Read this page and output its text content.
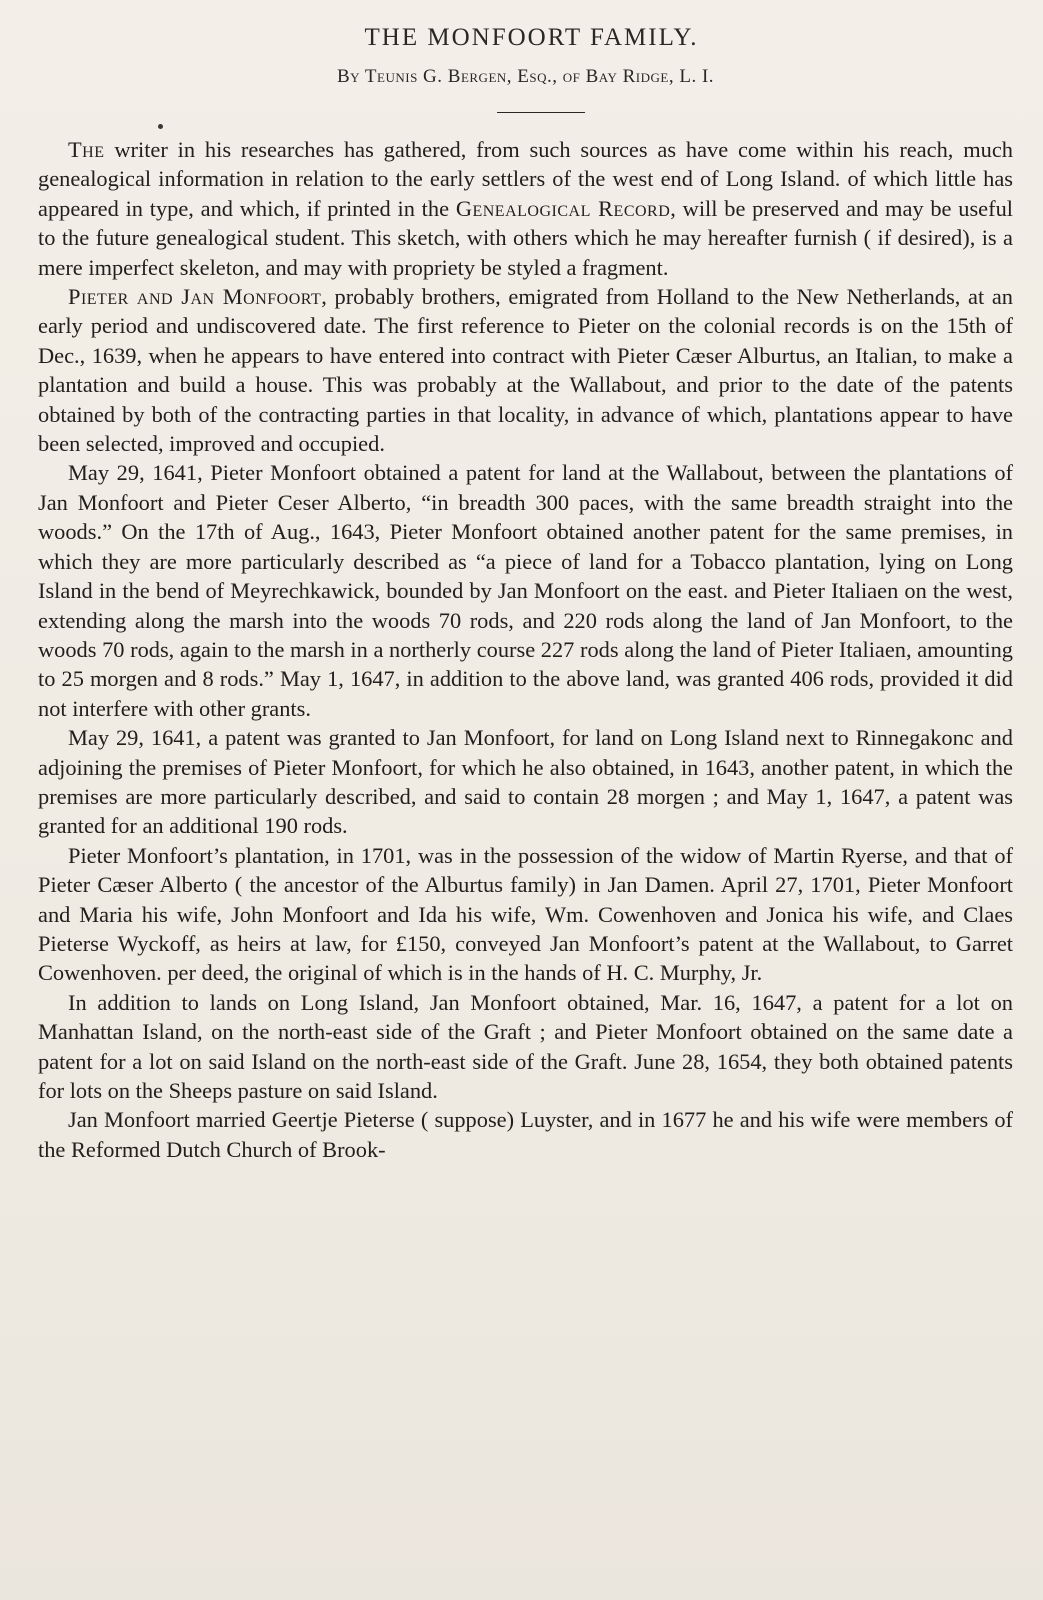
THE MONFOORT FAMILY.
By Teunis G. Bergen, Esq., of Bay Ridge, L. I.

The writer in his researches has gathered, from such sources as have come within his reach, much genealogical information in relation to the early settlers of the west end of Long Island. of which little has appeared in type, and which, if printed in the Genealogical Record, will be preserved and may be useful to the future genealogical student. This sketch, with others which he may hereafter furnish ( if desired), is a mere imperfect skeleton, and may with propriety be styled a fragment.

Pieter and Jan Monfoort, probably brothers, emigrated from Holland to the New Netherlands, at an early period and undiscovered date. The first reference to Pieter on the colonial records is on the 15th of Dec., 1639, when he appears to have entered into contract with Pieter Cæser Alburtus, an Italian, to make a plantation and build a house. This was probably at the Wallabout, and prior to the date of the patents obtained by both of the contracting parties in that locality, in advance of which, plantations appear to have been selected, improved and occupied.

May 29, 1641, Pieter Monfoort obtained a patent for land at the Wallabout, between the plantations of Jan Monfoort and Pieter Ceser Alberto, “in breadth 300 paces, with the same breadth straight into the woods.” On the 17th of Aug., 1643, Pieter Monfoort obtained another patent for the same premises, in which they are more particularly described as “a piece of land for a Tobacco plantation, lying on Long Island in the bend of Meyrechkawick, bounded by Jan Monfoort on the east. and Pieter Italiaen on the west, extending along the marsh into the woods 70 rods, and 220 rods along the land of Jan Monfoort, to the woods 70 rods, again to the marsh in a northerly course 227 rods along the land of Pieter Italiaen, amounting to 25 morgen and 8 rods.” May 1, 1647, in addition to the above land, was granted 406 rods, provided it did not interfere with other grants.

May 29, 1641, a patent was granted to Jan Monfoort, for land on Long Island next to Rinnegakonc and adjoining the premises of Pieter Monfoort, for which he also obtained, in 1643, another patent, in which the premises are more particularly described, and said to contain 28 morgen ; and May 1, 1647, a patent was granted for an additional 190 rods.

Pieter Monfoort’s plantation, in 1701, was in the possession of the widow of Martin Ryerse, and that of Pieter Cæser Alberto ( the ancestor of the Alburtus family) in Jan Damen. April 27, 1701, Pieter Monfoort and Maria his wife, John Monfoort and Ida his wife, Wm. Cowenhoven and Jonica his wife, and Claes Pieterse Wyckoff, as heirs at law, for £150, conveyed Jan Monfoort’s patent at the Wallabout, to Garret Cowenhoven. per deed, the original of which is in the hands of H. C. Murphy, Jr.

In addition to lands on Long Island, Jan Monfoort obtained, Mar. 16, 1647, a patent for a lot on Manhattan Island, on the north-east side of the Graft ; and Pieter Monfoort obtained on the same date a patent for a lot on said Island on the north-east side of the Graft. June 28, 1654, they both obtained patents for lots on the Sheeps pasture on said Island.

Jan Monfoort married Geertje Pieterse ( suppose) Luyster, and in 1677 he and his wife were members of the Reformed Dutch Church of Brook-
